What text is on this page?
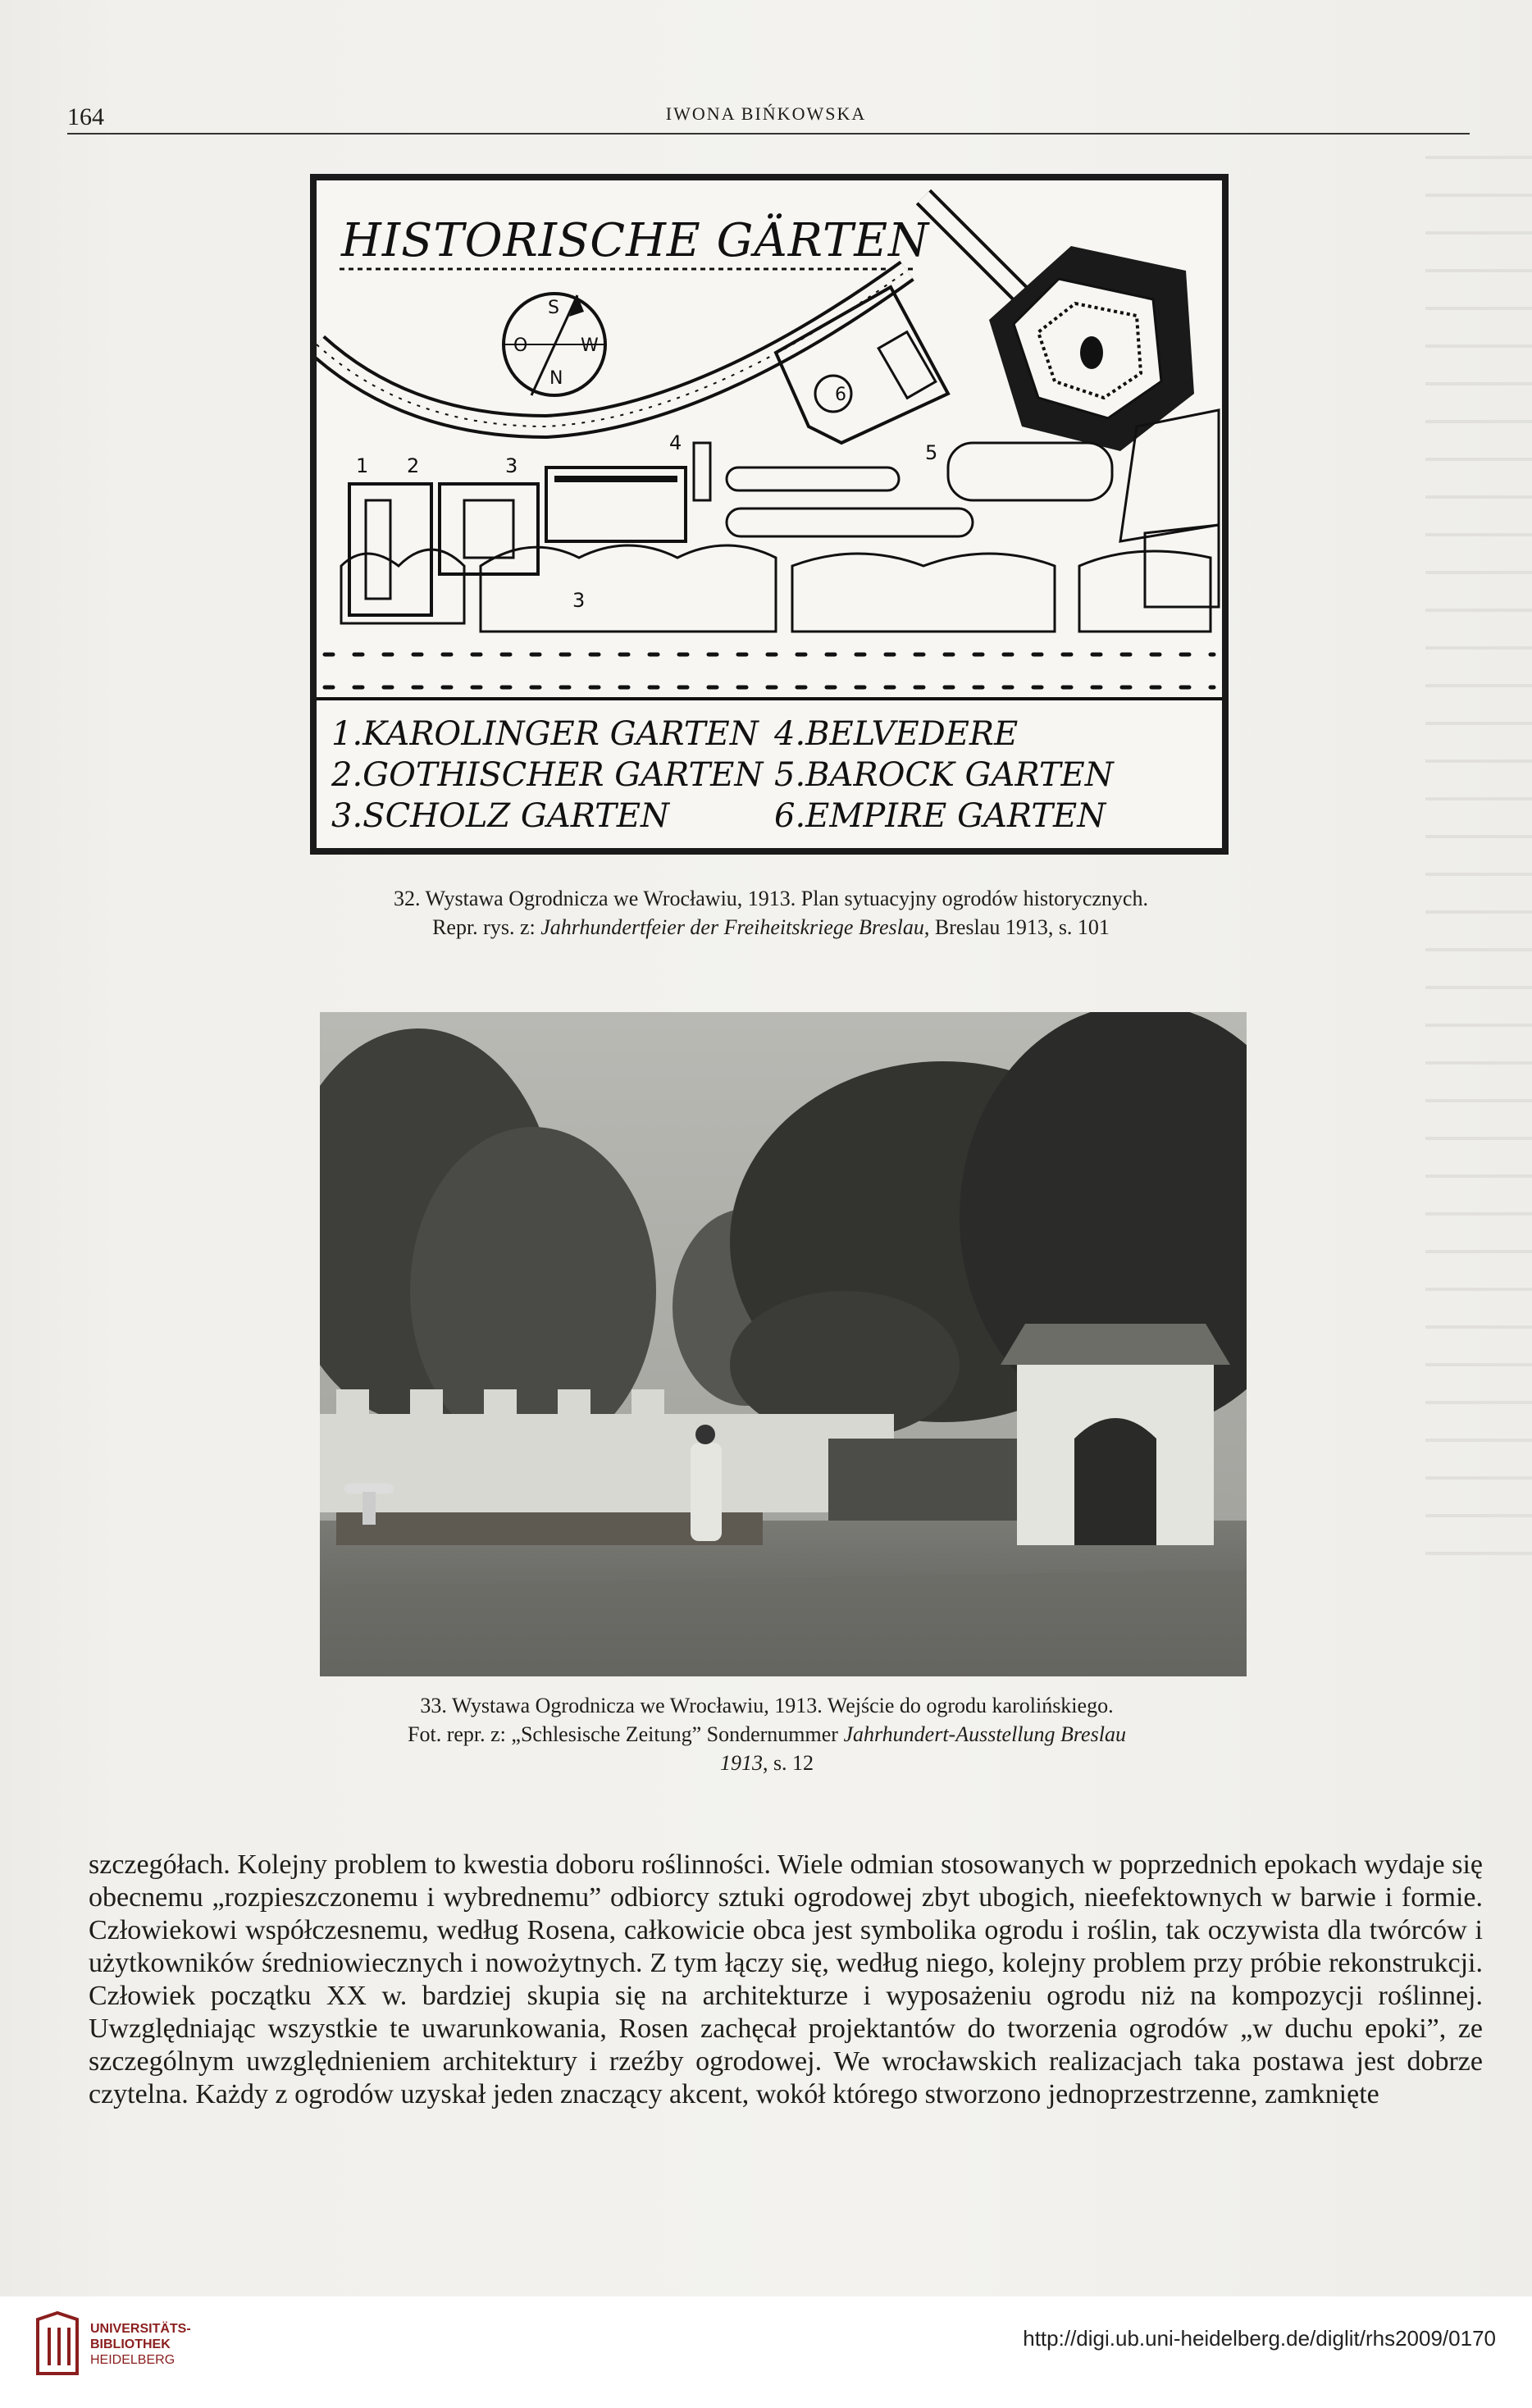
164	IWONA BIŃKOWSKA
HISTORISCHE GÄRTEN
S
W
N
O
1 2	3
4	5
6
3
1.KAROLINGER GARTEN 4.BELVEDERE
2.GOTHISCHER GARTEN 5.BAROCK GARTEN
3.SCHOLZ GARTEN	6.EMPIRE GARTEN

32. Wystawa Ogrodnicza we Wrocławiu, 1913. Plan sytuacyjny ogrodów historycznych.

Repr. rys. z: Jahrhundertfeier der Freiheitskriege Breslau, Breslau 1913, s. 101

33. Wystawa Ogrodnicza we Wrocławiu, 1913. Wejście do ogrodu karolińskiego.

Fot. repr. z: „Schlesische Zeitung” Sondernummer Jahrhundert-Ausstellung Breslau

1913, s. 12

szczegółach. Kolejny problem to kwestia doboru roślinności. Wiele odmian stosowanych w poprzednich epokach wydaje się obecnemu „rozpieszczonemu i wybrednemu” odbiorcy sztuki ogrodowej zbyt ubogich, nieefektownych w barwie i formie. Człowiekowi współczesnemu, według Rosena, całkowicie obca jest symbolika ogrodu i roślin, tak oczywista dla twórców i użytkowników średniowiecznych i nowożytnych. Z tym łączy się, według niego, kolejny problem przy próbie rekonstrukcji. Człowiek początku XX w. bardziej skupia się na architekturze i wyposażeniu ogrodu niż na kompozycji roślinnej. Uwzględniając wszystkie te uwarunkowania, Rosen zachęcał projektantów do tworzenia ogrodów „w duchu epoki”, ze szczególnym uwzględnieniem architektury i rzeźby ogrodowej. We wrocławskich realizacjach taka postawa jest dobrze czytelna. Każdy z ogrodów uzyskał jeden znaczący akcent, wokół którego stworzono jednoprzestrzenne, zamknięte

UNIVERSITÄTS-
BIBLIOTHEK
HEIDELBERG
http://digi.ub.uni-heidelberg.de/diglit/rhs2009/0170
